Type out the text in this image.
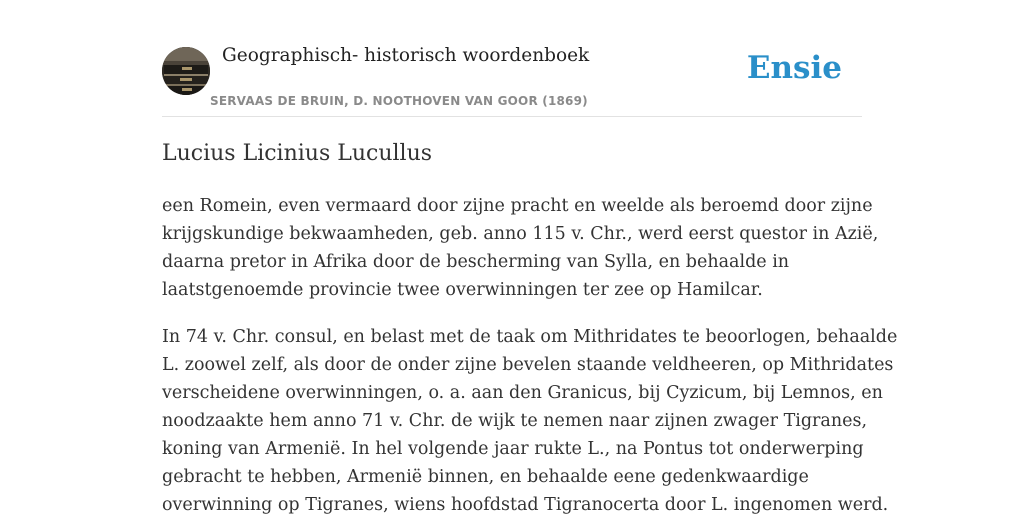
Geographisch- historisch woordenboek
SERVAAS DE BRUIN, D. NOOTHOVEN VAN GOOR (1869)
Ensie
Lucius Licinius Lucullus

een Romein, even vermaard door zijne pracht en weelde als beroemd door zijne
krijgskundige bekwaamheden, geb. anno 115 v. Chr., werd eerst questor in Azië,
daarna pretor in Afrika door de bescherming van Sylla, en behaalde in
laatstgenoemde provincie twee overwinningen ter zee op Hamilcar.

In 74 v. Chr. consul, en belast met de taak om Mithridates te beoorlogen, behaalde
L. zoowel zelf, als door de onder zijne bevelen staande veldheeren, op Mithridates
verscheidene overwinningen, o. a. aan den Granicus, bij Cyzicum, bij Lemnos, en
noodzaakte hem anno 71 v. Chr. de wijk te nemen naar zijnen zwager Tigranes,
koning van Armenië. In hel volgende jaar rukte L., na Pontus tot onderwerping
gebracht te hebben, Armenië binnen, en behaalde eene gedenkwaardige
overwinning op Tigranes, wiens hoofdstad Tigranocerta door L. ingenomen werd.
